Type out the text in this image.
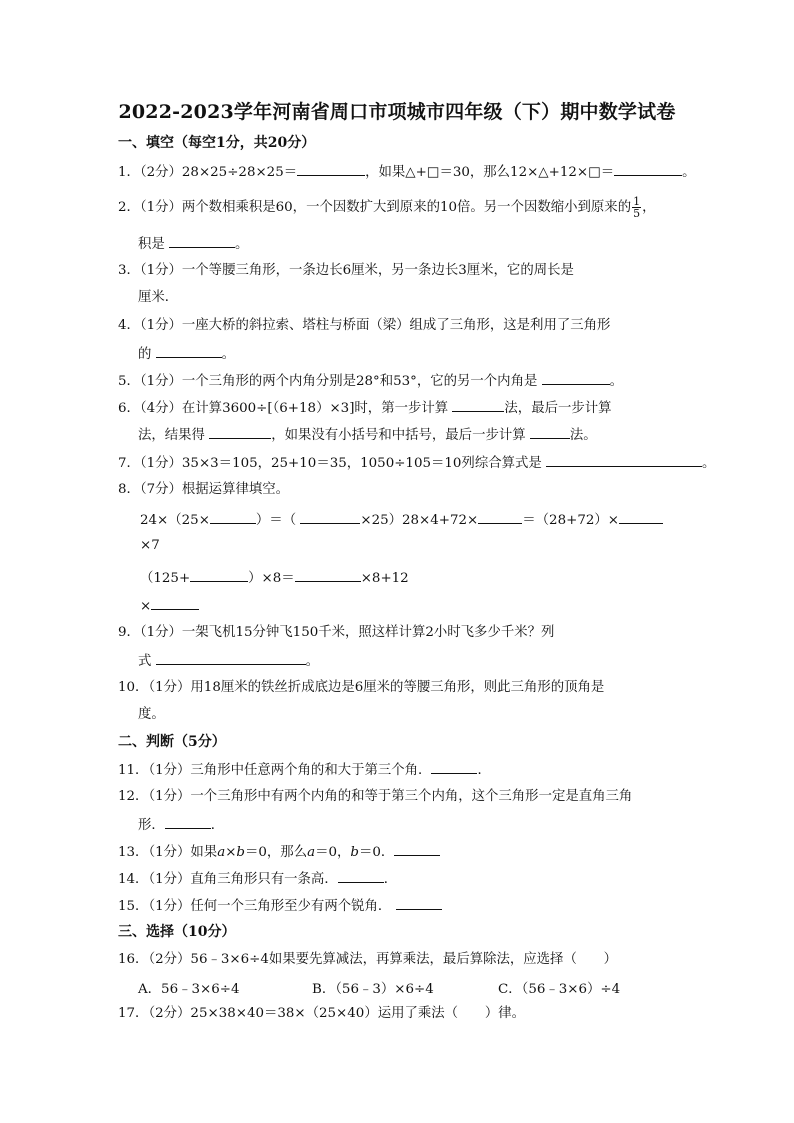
2022-2023学年河南省周口市项城市四年级（下）期中数学试卷
一、填空（每空1分，共20分）
1．（2分）28×25÷28×25＝	，如果△+□＝30，那么12×△+12×□＝	。
2．（1分）两个数相乘积是60，一个因数扩大到原来的10倍。另一个因数缩小到原来的 $\frac{1}{5}$ ，
积是	。
3．（1分）一个等腰三角形，一条边长6厘米，另一条边长3厘米，它的周长是
厘米．
4．（1分）一座大桥的斜拉索、塔柱与桥面（梁）组成了三角形，这是利用了三角形
的	。
5．（1分）一个三角形的两个内角分别是28°和53°，它的另一个内角是	。
6．（4分）在计算3600÷[（6+18）×3]时，第一步计算	法，最后一步计算
法，结果得	，如果没有小括号和中括号，最后一步计算	法。
7．（1分）35×3＝105，25+10＝35，1050÷105＝10列综合算式是	。
8．（7分）根据运算律填空。
24×（25×	）＝（	×25）28×4+72×	＝（28+72）×
×7
（125+	）×8＝	×8+12
×
9．（1分）一架飞机15分钟飞150千米，照这样计算2小时飞多少千米？列
式	。
10．（1分）用18厘米的铁丝折成底边是6厘米的等腰三角形，则此三角形的顶角是
度。
二、判断（5分）
11．（1分）三角形中任意两个角的和大于第三个角．	．
12．（1分）一个三角形中有两个内角的和等于第三个内角，这个三角形一定是直角三角
形．	．
13．（1分）如果a×b＝0，那么a＝0，b＝0．
14．（1分）直角三角形只有一条高．	．
15．（1分）任何一个三角形至少有两个锐角．
三、选择（10分）
16．（2分）56﹣3×6÷4如果要先算减法，再算乘法，最后算除法，应选择（　　）
A．56﹣3×6÷4	B．（56﹣3）×6÷4	C．（56﹣3×6）÷4
17．（2分）25×38×40＝38×（25×40）运用了乘法（　　）律。
